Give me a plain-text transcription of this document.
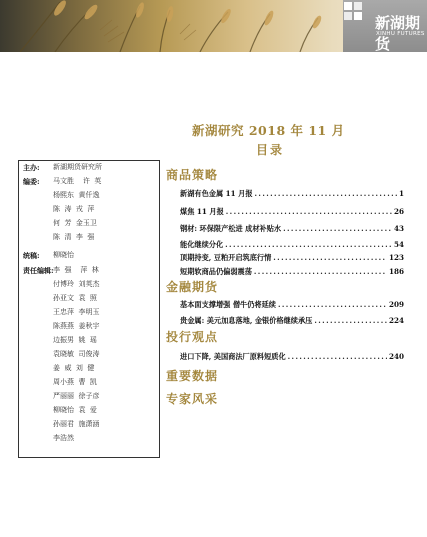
新湖期货
XINHU FUTURES
新湖研究 2018 年 11 月
目录
主办: 新湖期货研究所
编委: 马文胜    许  英
杨熙东  黄仟逸
陈  涛  戎  萍
何  芳  金玉卫
陈  清  李  强
统稿: 柳晓怡
责任编辑: 李  强    萍  林
付博玲  刘英杰
孙亚文  袁  照
王忠萍  李明玉
陈燕燕  姜秋宇
边振男  姚  瑶
袁晓敏  司俊涛
姜  威  刘  健
周小燕  曹  凯
严丽丽  徐子彦
柳晓怡  袁  爱
孙丽君  施潇涵
李浩然
商品策略
新湖有色金属 11 月报 .....	1
煤焦 11 月报 .....	26
钢材: 环保限产松进 成材补贴水 .....	43
能化继续分化 .....	54
顶期持变, 豆粕开启筑底行情 .....	123
短期软商品仍偏弱震荡 .....	186
金融期货
基本面支撑增强 僧牛仍将延续 .....	209
贵金属: 美元加息落地, 金银价格继续承压 .....	224
投行观点
进口下降, 美国商法厂原料短质化 .....	240
重要数据
专家风采
